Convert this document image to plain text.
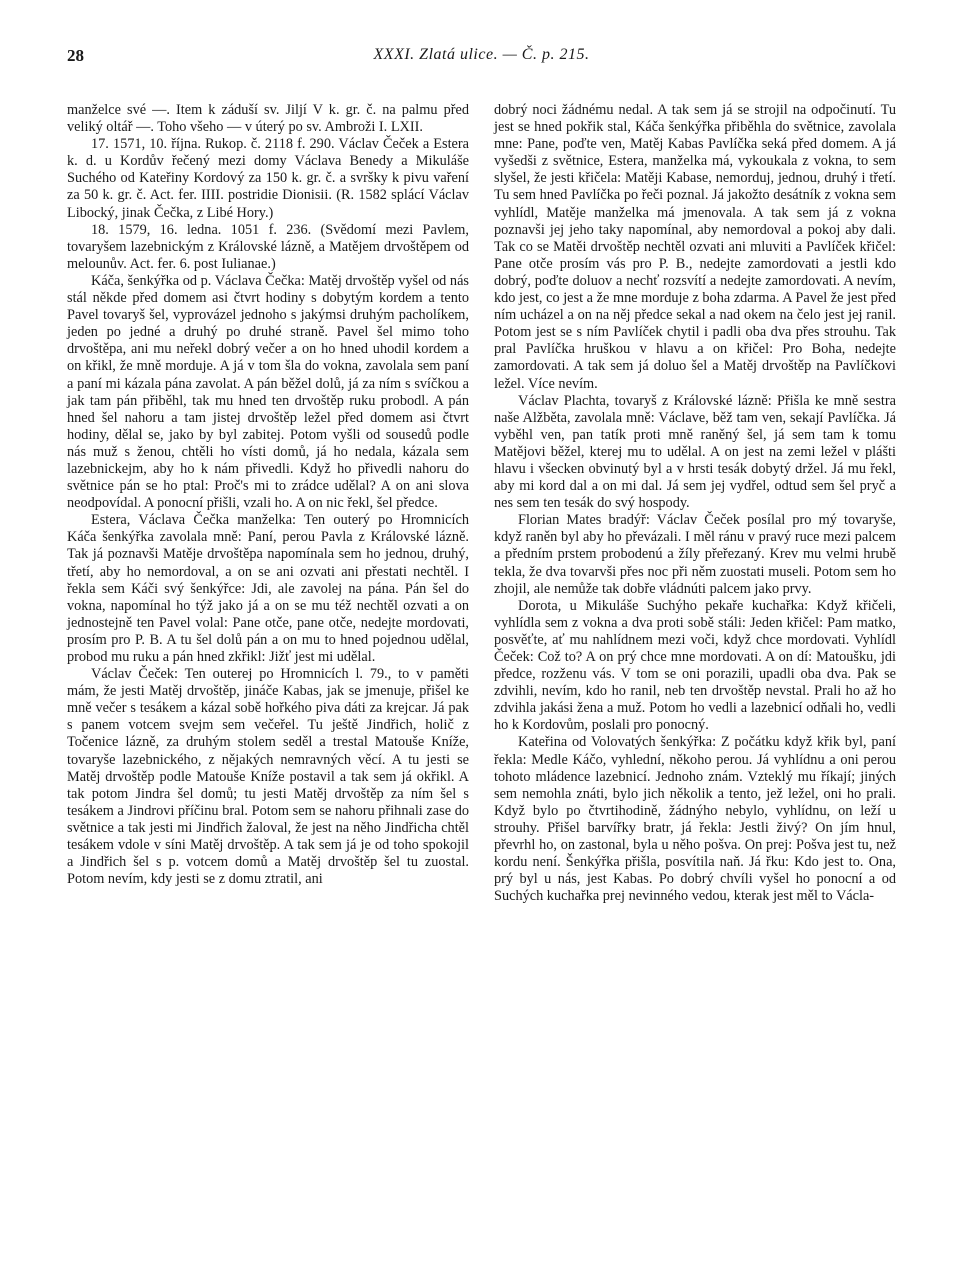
28	XXXI. Zlatá ulice. — Č. p. 215.

manželce své —. Item k záduší sv. Jiljí V k. gr. č. na palmu před veliký oltář —. Toho všeho — v úterý po sv. Ambroži I. LXII.

17. 1571, 10. října. Rukop. č. 2118 f. 290. Václav Čeček a Estera k. d. u Kordův řečený mezi domy Václava Benedy a Mikuláše Suchého od Kateřiny Kordový za 150 k. gr. č. a svršky k pivu vaření za 50 k. gr. č. Act. fer. IIII. postridie Dionisii. (R. 1582 splácí Václav Libocký, jinak Čečka, z Libé Hory.)

18. 1579, 16. ledna. 1051 f. 236. (Svědomí mezi Pavlem, tovaryšem lazebnickým z Královské lázně, a Matějem drvoštěpem od melounův. Act. fer. 6. post Iulianae.)

Káča, šenkýřka od p. Václava Čečka: Matěj drvoštěp vyšel od nás stál někde před domem asi čtvrt hodiny s dobytým kordem a tento Pavel tovaryš šel, vyprovázel jednoho s jakýmsi druhým pacholíkem, jeden po jedné a druhý po druhé straně. Pavel šel mimo toho drvoštěpa, ani mu neřekl dobrý večer a on ho hned uhodil kordem a on křikl, že mně morduje. A já v tom šla do vokna, zavolala sem paní a paní mi kázala pána zavolat. A pán běžel dolů, já za ním s svíčkou a jak tam pán přiběhl, tak mu hned ten drvoštěp ruku probodl. A pán hned šel nahoru a tam jistej drvoštěp ležel před domem asi čtvrt hodiny, dělal se, jako by byl zabitej. Potom vyšli od sousedů podle nás muž s ženou, chtěli ho vísti domů, já ho nedala, kázala sem lazebnickejm, aby ho k nám přivedli. Když ho přivedli nahoru do světnice pán se ho ptal: Proč's mi to zrádce udělal? A on ani slova neodpovídal. A ponocní přišli, vzali ho. A on nic řekl, šel předce.

Estera, Václava Čečka manželka: Ten outerý po Hromnicích Káča šenkýřka zavolala mně: Paní, perou Pavla z Královské lázně. Tak já poznavši Matěje drvoštěpa napomínala sem ho jednou, druhý, třetí, aby ho nemordoval, a on se ani ozvati ani přestati nechtěl. I řekla sem Káči svý šenkýřce: Jdi, ale zavolej na pána. Pán šel do vokna, napomínal ho týž jako já a on se mu též nechtěl ozvati a on jednostejně ten Pavel volal: Pane otče, pane otče, nedejte mordovati, prosím pro P. B. A tu šel dolů pán a on mu to hned pojednou udělal, probod mu ruku a pán hned zkřikl: Jižť jest mi udělal.

Václav Čeček: Ten outerej po Hromnicích l. 79., to v paměti mám, že jesti Matěj drvoštěp, jináče Kabas, jak se jmenuje, přišel ke mně večer s tesákem a kázal sobě hořkého piva dáti za krejcar. Já pak s panem votcem svejm sem večeřel. Tu ještě Jindřich, holič z Točenice lázně, za druhým stolem seděl a trestal Matouše Kníže, tovaryše lazebnického, z nějakých nemravných věcí. A tu jesti se Matěj drvoštěp podle Matouše Kníže postavil a tak sem já okřikl. A tak potom Jindra šel domů; tu jesti Matěj drvoštěp za ním šel s tesákem a Jindrovi příčinu bral. Potom sem se nahoru přihnali zase do světnice a tak jesti mi Jindřich žaloval, že jest na něho Jindřicha chtěl tesákem vdole v síni Matěj drvoštěp. A tak sem já je od toho spokojil a Jindřich šel s p. votcem domů a Matěj drvoštěp šel tu zuostal. Potom nevím, kdy jesti se z domu ztratil, ani

dobrý noci žádnému nedal. A tak sem já se strojil na odpočinutí. Tu jest se hned pokřik stal, Káča šenkýřka přiběhla do světnice, zavolala mne: Pane, poďte ven, Matěj Kabas Pavlíčka seká před domem. A já vyšedši z světnice, Estera, manželka má, vykoukala z vokna, to sem slyšel, že jesti křičela: Matěji Kabase, nemorduj, jednou, druhý i třetí. Tu sem hned Pavlíčka po řeči poznal. Já jakožto desátník z vokna sem vyhlídl, Matěje manželka má jmenovala. A tak sem já z vokna poznavši jej jeho taky napomínal, aby nemordoval a pokoj aby dali. Tak co se Matěi drvoštěp nechtěl ozvati ani mluviti a Pavlíček křičel: Pane otče prosím vás pro P. B., nedejte zamordovati a jestli kdo dobrý, poďte doluov a nechť rozsvítí a nedejte zamordovati. A nevím, kdo jest, co jest a že mne morduje z boha zdarma. A Pavel že jest před ním ucházel a on na něj předce sekal a nad okem na čelo jest jej ranil. Potom jest se s ním Pavlíček chytil i padli oba dva přes strouhu. Tak pral Pavlíčka hruškou v hlavu a on křičel: Pro Boha, nedejte zamordovati. A tak sem já doluo šel a Matěj drvoštěp na Pavlíčkovi ležel. Více nevím.

Václav Plachta, tovaryš z Královské lázně: Přišla ke mně sestra naše Alžběta, zavolala mně: Václave, běž tam ven, sekají Pavlíčka. Já vyběhl ven, pan tatík proti mně raněný šel, já sem tam k tomu Matějovi běžel, kterej mu to udělal. A on jest na zemi ležel v plášti hlavu i všecken obvinutý byl a v hrsti tesák dobytý držel. Já mu řekl, aby mi kord dal a on mi dal. Já sem jej vydřel, odtud sem šel pryč a nes sem ten tesák do svý hospody.

Florian Mates bradýř: Václav Čeček posílal pro mý tovaryše, když raněn byl aby ho převázali. I měl ránu v pravý ruce mezi palcem a předním prstem probodenú a žíly přeřezaný. Krev mu velmi hrubě tekla, že dva tovarvši přes noc při něm zuostati museli. Potom sem ho zhojil, ale nemůže tak dobře vládnúti palcem jako prvy.

Dorota, u Mikuláše Suchýho pekaře kuchařka: Když křičeli, vyhlídla sem z vokna a dva proti sobě stáli: Jeden křičel: Pam matko, posvěťte, ať mu nahlídnem mezi voči, když chce mordovati. Vyhlídl Čeček: Což to? A on prý chce mne mordovati. A on dí: Matoušku, jdi předce, rozženu vás. V tom se oni porazili, upadli oba dva. Pak se zdvihli, nevím, kdo ho ranil, neb ten drvoštěp nevstal. Prali ho až ho zdvihla jakási žena a muž. Potom ho vedli a lazebnicí odňali ho, vedli ho k Kordovům, poslali pro ponocný.

Kateřina od Volovatých šenkýřka: Z počátku když křik byl, paní řekla: Medle Káčo, vyhlední, někoho perou. Já vyhlídnu a oni perou tohoto mládence lazebnicí. Jednoho znám. Vzteklý mu říkají; jiných sem nemohla znáti, bylo jich několik a tento, jež ležel, oni ho prali. Když bylo po čtvrtihodině, žádnýho nebylo, vyhlídnu, on leží u strouhy. Přišel barvířky bratr, já řekla: Jestli živý? On jím hnul, převrhl ho, on zastonal, byla u něho pošva. On prej: Pošva jest tu, než kordu není. Šenkýřka přišla, posvítila naň. Já řku: Kdo jest to. Ona, prý byl u nás, jest Kabas. Po dobrý chvíli vyšel ho ponocní a od Suchých kuchařka prej nevinného vedou, kterak jest měl to Václa-
